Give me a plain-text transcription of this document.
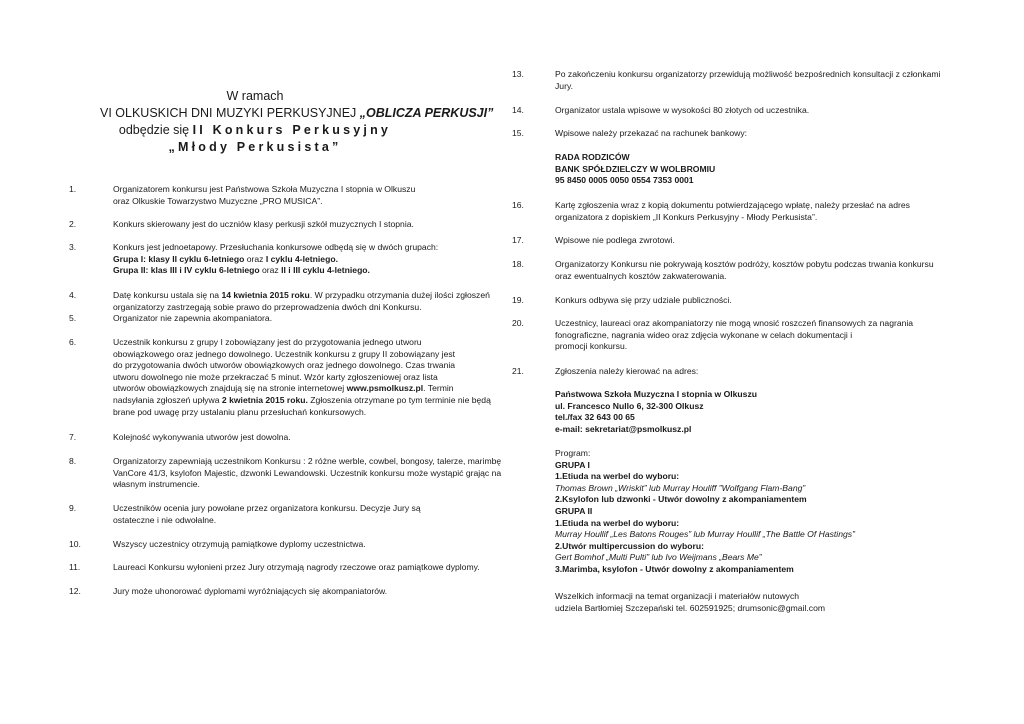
W ramach
VI OLKUSKICH DNI MUZYKI PERKUSYJNEJ „OBLICZA PERKUSJI”
odbędzie się II Konkurs Perkusyjny
„Młody Perkusista”
1.	Organizatorem konkursu jest Państwowa Szkoła Muzyczna I stopnia w Olkuszu
oraz Olkuskie Towarzystwo Muzyczne „PRO MUSICA”.
2.	Konkurs skierowany jest do uczniów klasy perkusji szkół muzycznych I stopnia.
3.	Konkurs jest jednoetapowy. Przesłuchania konkursowe odbędą się w dwóch grupach:
Grupa I: klasy II cyklu 6-letniego oraz I cyklu 4-letniego.
Grupa II: klas III i IV cyklu 6-letniego oraz II i III cyklu 4-letniego.
4.	Datę konkursu ustala się na 14 kwietnia 2015 roku. W przypadku otrzymania dużej ilości zgłoszeń
organizatorzy zastrzegają sobie prawo do przeprowadzenia dwóch dni Konkursu.
5.	Organizator nie zapewnia akompaniatora.
6.	Uczestnik konkursu z grupy I zobowiązany jest do przygotowania jednego utworu
obowiązkowego oraz jednego dowolnego. Uczestnik konkursu z grupy II zobowiązany jest
do przygotowania dwóch utworów obowiązkowych oraz jednego dowolnego. Czas trwania
utworu dowolnego nie może przekraczać 5 minut. Wzór karty zgłoszeniowej oraz lista
utworów obowiązkowych znajdują się na stronie internetowej www.psmolkusz.pl. Termin
nadsyłania zgłoszeń upływa 2 kwietnia 2015 roku. Zgłoszenia otrzymane po tym terminie nie będą
brane pod uwagę przy ustalaniu planu przesłuchań konkursowych.
7.	Kolejność wykonywania utworów jest dowolna.
8.	Organizatorzy zapewniają uczestnikom Konkursu : 2 różne werble, cowbel, bongosy, talerze, marimbę
VanCore 41/3, ksylofon Majestic, dzwonki Lewandowski. Uczestnik konkursu może wystąpić grając na
własnym instrumencie.
9.	Uczestników ocenia jury powołane przez organizatora konkursu. Decyzje Jury są
ostateczne i nie odwołalne.
10.	Wszyscy uczestnicy otrzymują pamiątkowe dyplomy uczestnictwa.
11.	Laureaci Konkursu wyłonieni przez Jury otrzymają nagrody rzeczowe oraz pamiątkowe dyplomy.
12.	Jury może uhonorować dyplomami wyróżniających się akompaniatorów.
13.	Po zakończeniu konkursu organizatorzy przewidują możliwość bezpośrednich konsultacji z członkami
Jury.
14.	Organizator ustala wpisowe w wysokości 80 złotych od uczestnika.
15.	Wpisowe należy przekazać na rachunek bankowy:
RADA RODZICÓW
BANK SPÓŁDZIELCZY W WOLBROMIU
95 8450 0005 0050 0554 7353 0001
16.	Kartę zgłoszenia wraz z kopią dokumentu potwierdzającego wpłatę, należy przesłać na adres
organizatora z dopiskiem „II Konkurs Perkusyjny - Młody Perkusista”.
17.	Wpisowe nie podlega zwrotowi.
18.	Organizatorzy Konkursu nie pokrywają kosztów podróży, kosztów pobytu podczas trwania konkursu
oraz ewentualnych kosztów zakwaterowania.
19.	Konkurs odbywa się przy udziale publiczności.
20.	Uczestnicy, laureaci oraz akompaniatorzy nie mogą wnosić roszczeń finansowych za nagrania
fonograficzne, nagrania wideo oraz zdjęcia wykonane w celach dokumentacji i
promocji konkursu.
21.	Zgłoszenia należy kierować na adres:
Państwowa Szkoła Muzyczna I stopnia w Olkuszu
ul. Francesco Nullo 6, 32-300 Olkusz
tel./fax 32 643 00 65
e-mail: sekretariat@psmolkusz.pl
Program:
GRUPA I
1.Etiuda na werbel do wyboru:
Thomas Brown „Wriskit” lub Murray Houliff ”Wolfgang Flam-Bang”
2.Ksylofon lub dzwonki - Utwór dowolny z akompaniamentem
GRUPA II
1.Etiuda na werbel do wyboru:
Murray Houllif „Les Batons Rouges” lub Murray Houllif „The Battle Of Hastings”
2.Utwór multipercussion do wyboru:
Gert Bomhof „Multi Pulti” lub Ivo Weijmans „Bears Me”
3.Marimba, ksylofon - Utwór dowolny z akompaniamentem
Wszelkich informacji na temat organizacji i materiałów nutowych
udziela Bartłomiej Szczepański tel. 602591925; drumsonic@gmail.com
